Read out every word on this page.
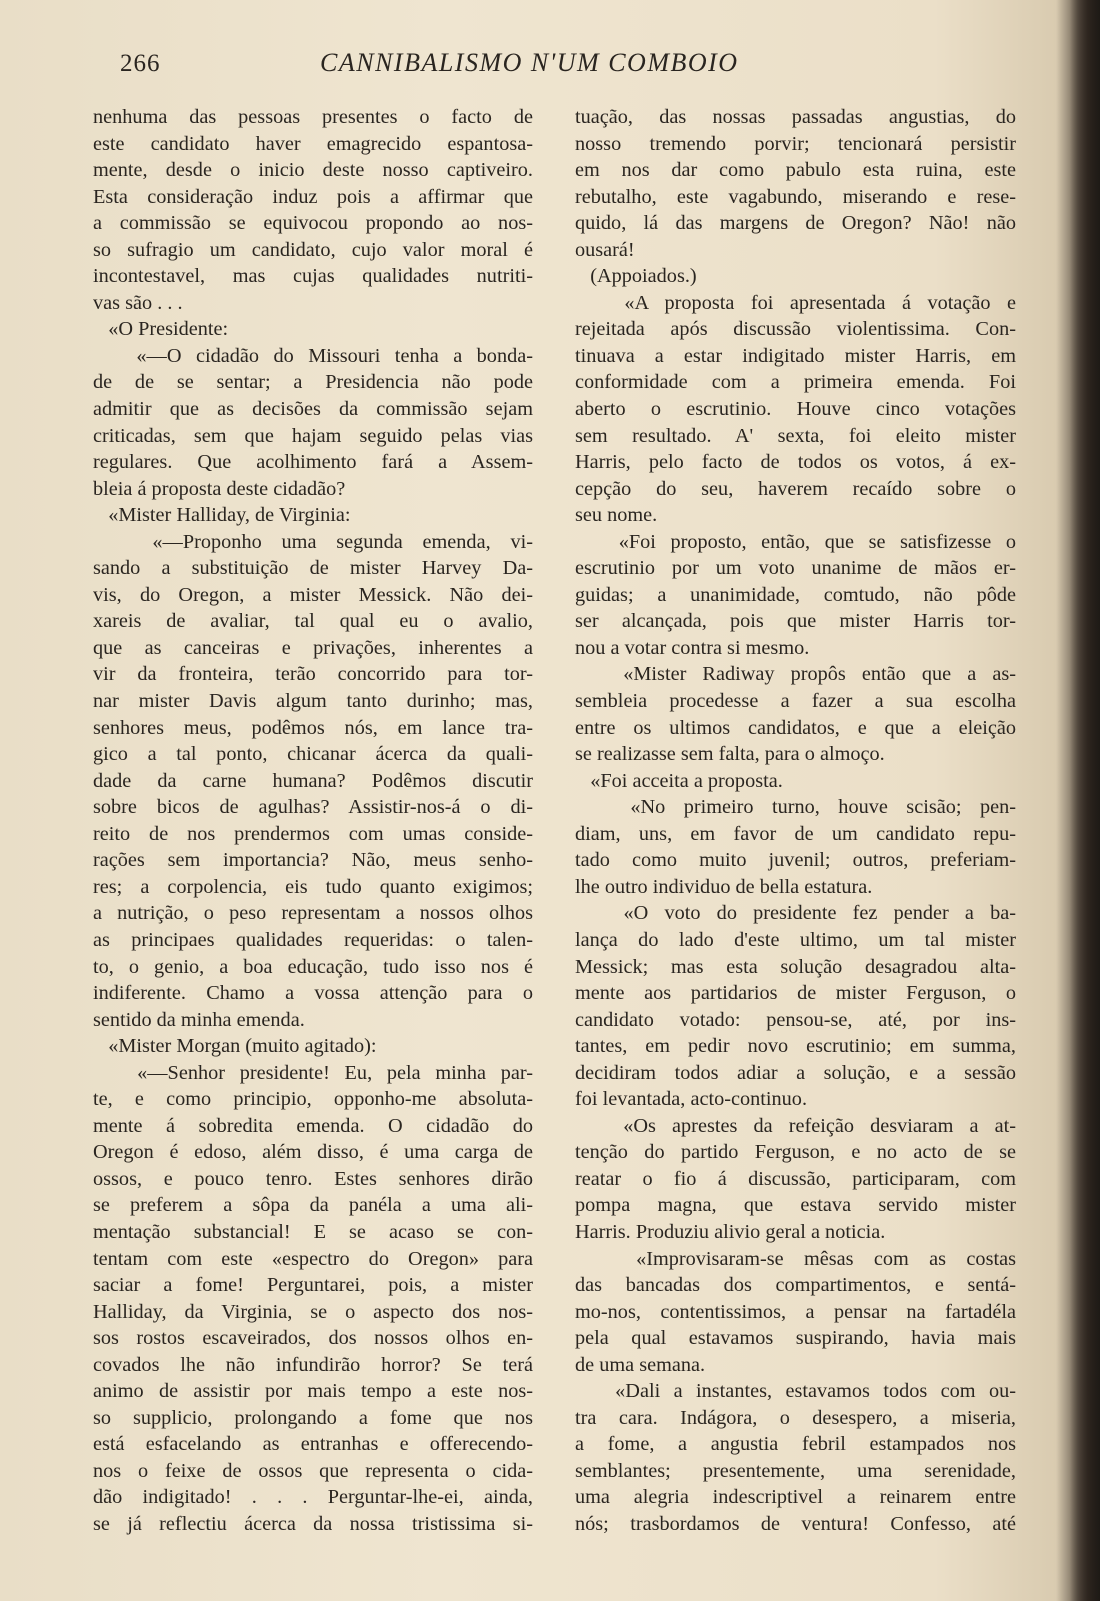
266	CANNIBALISMO N'UM COMBOIO
nenhuma das pessoas presentes o facto de
este candidato haver emagrecido espantosa-
mente, desde o inicio deste nosso captiveiro.
Esta consideração induz pois a affirmar que
a commissão se equivocou propondo ao nos-
so sufragio um candidato, cujo valor moral é
incontestavel, mas cujas qualidades nutriti-
vas são . . .
«O Presidente:
«—O cidadão do Missouri tenha a bonda-
de de se sentar; a Presidencia não pode
admitir que as decisões da commissão sejam
criticadas, sem que hajam seguido pelas vias
regulares. Que acolhimento fará a Assem-
bleia á proposta deste cidadão?
«Mister Halliday, de Virginia:
«—Proponho uma segunda emenda, vi-
sando a substituição de mister Harvey Da-
vis, do Oregon, a mister Messick. Não dei-
xareis de avaliar, tal qual eu o avalio,
que as canceiras e privações, inherentes a
vir da fronteira, terão concorrido para tor-
nar mister Davis algum tanto durinho; mas,
senhores meus, podêmos nós, em lance tra-
gico a tal ponto, chicanar ácerca da quali-
dade da carne humana? Podêmos discutir
sobre bicos de agulhas? Assistir-nos-á o di-
reito de nos prendermos com umas conside-
rações sem importancia? Não, meus senho-
res; a corpolencia, eis tudo quanto exigimos;
a nutrição, o peso representam a nossos olhos
as principaes qualidades requeridas: o talen-
to, o genio, a boa educação, tudo isso nos é
indiferente. Chamo a vossa attenção para o
sentido da minha emenda.
«Mister Morgan (muito agitado):
«—Senhor presidente! Eu, pela minha par-
te, e como principio, opponho-me absoluta-
mente á sobredita emenda. O cidadão do
Oregon é edoso, além disso, é uma carga de
ossos, e pouco tenro. Estes senhores dirão
se preferem a sôpa da panéla a uma ali-
mentação substancial! E se acaso se con-
tentam com este «espectro do Oregon» para
saciar a fome! Perguntarei, pois, a mister
Halliday, da Virginia, se o aspecto dos nos-
sos rostos escaveirados, dos nossos olhos en-
covados lhe não infundirão horror? Se terá
animo de assistir por mais tempo a este nos-
so supplicio, prolongando a fome que nos
está esfacelando as entranhas e offerecendo-
nos o feixe de ossos que representa o cida-
dão indigitado! . . . Perguntar-lhe-ei, ainda,
se já reflectiu ácerca da nossa tristissima si-
tuação, das nossas passadas angustias, do
nosso tremendo porvir; tencionará persistir
em nos dar como pabulo esta ruina, este
rebutalho, este vagabundo, miserando e rese-
quido, lá das margens de Oregon? Não! não
ousará!
(Appoiados.)
«A proposta foi apresentada á votação e
rejeitada após discussão violentissima. Con-
tinuava a estar indigitado mister Harris, em
conformidade com a primeira emenda. Foi
aberto o escrutinio. Houve cinco votações
sem resultado. A' sexta, foi eleito mister
Harris, pelo facto de todos os votos, á ex-
cepção do seu, haverem recaído sobre o
seu nome.
«Foi proposto, então, que se satisfizesse o
escrutinio por um voto unanime de mãos er-
guidas; a unanimidade, comtudo, não pôde
ser alcançada, pois que mister Harris tor-
nou a votar contra si mesmo.
«Mister Radiway propôs então que a as-
sembleia procedesse a fazer a sua escolha
entre os ultimos candidatos, e que a eleição
se realizasse sem falta, para o almoço.
«Foi acceita a proposta.
«No primeiro turno, houve scisão; pen-
diam, uns, em favor de um candidato repu-
tado como muito juvenil; outros, preferiam-
lhe outro individuo de bella estatura.
«O voto do presidente fez pender a ba-
lança do lado d'este ultimo, um tal mister
Messick; mas esta solução desagradou alta-
mente aos partidarios de mister Ferguson, o
candidato votado: pensou-se, até, por ins-
tantes, em pedir novo escrutinio; em summa,
decidiram todos adiar a solução, e a sessão
foi levantada, acto-continuo.
«Os aprestes da refeição desviaram a at-
tenção do partido Ferguson, e no acto de se
reatar o fio á discussão, participaram, com
pompa magna, que estava servido mister
Harris. Produziu alivio geral a noticia.
«Improvisaram-se mêsas com as costas
das bancadas dos compartimentos, e sentá-
mo-nos, contentissimos, a pensar na fartadéla
pela qual estavamos suspirando, havia mais
de uma semana.
«Dali a instantes, estavamos todos com ou-
tra cara. Indágora, o desespero, a miseria,
a fome, a angustia febril estampados nos
semblantes; presentemente, uma serenidade,
uma alegria indescriptivel a reinarem entre
nós; trasbordamos de ventura! Confesso, até
